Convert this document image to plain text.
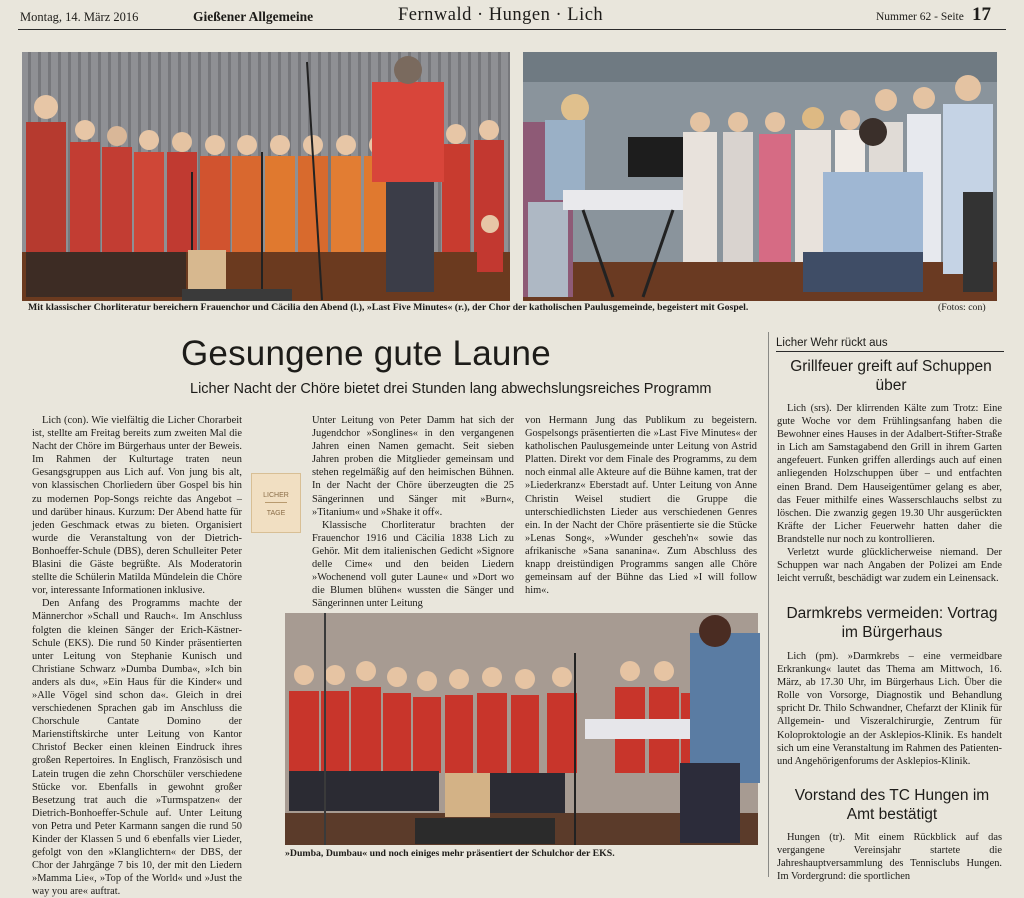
Montag, 14. März 2016	Gießener Allgemeine	Fernwald · Hungen · Lich	Nummer 62 - Seite 17
Mit klassischer Chorliteratur bereichern Frauenchor und Cäcilia den Abend (l.), »Last Five Minutes« (r.), der Chor der katholischen Paulusgemeinde, begeistert mit Gospel.	(Fotos: con)
Gesungene gute Laune
Licher Nacht der Chöre bietet drei Stunden lang abwechslungsreiches Programm

Lich (con). Wie vielfältig die Licher Chorarbeit ist, stellte am Freitag bereits zum zweiten Mal die Nacht der Chöre im Bürgerhaus unter der Beweis. Im Rahmen der Kulturtage traten neun Gesangsgruppen aus Lich auf. Von jung bis alt, von klassischen Chorliedern über Gospel bis hin zu modernen Pop-Songs reichte das Angebot – und darüber hinaus. Kurzum: Der Abend hatte für jeden Geschmack etwas zu bieten. Organisiert wurde die Veranstaltung von der Dietrich-Bonhoeffer-Schule (DBS), deren Schulleiter Peter Blasini die Gäste begrüßte. Als Moderatorin stellte die Schülerin Matilda Mündelein die Chöre vor, interessante Informationen inklusive.

Den Anfang des Programms machte der Männerchor »Schall und Rauch«. Im Anschluss folgten die kleinen Sänger der Erich-Kästner-Schule (EKS). Die rund 50 Kinder präsentierten unter Leitung von Stephanie Kunisch und Christiane Schwarz »Dumba Dumba«, »Ich bin anders als du«, »Ein Haus für die Kinder« und »Alle Vögel sind schon da«. Gleich in drei verschiedenen Sprachen gab im Anschluss die Chorschule Cantate Domino der Marienstiftskirche unter Leitung von Kantor Christof Becker einen kleinen Eindruck ihres großen Repertoires. In Englisch, Französisch und Latein trugen die zehn Chorschüler verschiedene Stücke vor. Ebenfalls in gewohnt großer Besetzung trat auch die »Turmspatzen« der Dietrich-Bonhoeffer-Schule auf. Unter Leitung von Petra und Peter Karmann sangen die rund 50 Kinder der Klassen 5 und 6 ebenfalls vier Lieder, gefolgt von den »Klanglichtern« der DBS, der Chor der Jahrgänge 7 bis 10, der mit den Liedern »Mamma Lie«, »Top of the World« und »Just the way you are« auftrat.

LICHER
TAGE

Unter Leitung von Peter Damm hat sich der Jugendchor »Songlines« in den vergangenen Jahren einen Namen gemacht. Seit sieben Jahren proben die Mitglieder gemeinsam und stehen regelmäßig auf den heimischen Bühnen. In der Nacht der Chöre überzeugten die 25 Sängerinnen und Sänger mit »Burn«, »Titanium« und »Shake it off«.

Klassische Chorliteratur brachten der Frauenchor 1916 und Cäcilia 1838 Lich zu Gehör. Mit dem italienischen Gedicht »Signore delle Cime« und den beiden Liedern »Wochenend voll guter Laune« und »Dort wo die Blumen blühen« wussten die Sänger und Sängerinnen unter Leitung

von Hermann Jung das Publikum zu begeistern. Gospelsongs präsentierten die »Last Five Minutes« der katholischen Paulusgemeinde unter Leitung von Astrid Platten. Direkt vor dem Finale des Programms, zu dem noch einmal alle Akteure auf die Bühne kamen, trat der »Liederkranz« Eberstadt auf. Unter Leitung von Anne Christin Weisel studiert die Gruppe die unterschiedlichsten Lieder aus verschiedenen Genres ein. In der Nacht der Chöre präsentierte sie die Stücke »Lenas Song«, »Wunder gescheh'n« sowie das afrikanische »Sana sananina«. Zum Abschluss des knapp dreistündigen Programms sangen alle Chöre gemeinsam auf der Bühne das Lied »I will follow him«.

»Dumba, Dumbau« und noch einiges mehr präsentiert der Schulchor der EKS.
Licher Wehr rückt aus
Grillfeuer greift auf Schuppen über

Lich (srs). Der klirrenden Kälte zum Trotz: Eine gute Woche vor dem Frühlingsanfang haben die Bewohner eines Hauses in der Adalbert-Stifter-Straße in Lich am Samstagabend den Grill in ihrem Garten angefeuert. Funken griffen allerdings auch auf einen anliegenden Holzschuppen über – und entfachten einen Brand. Dem Hauseigentümer gelang es aber, das Feuer mithilfe eines Wasserschlauchs selbst zu löschen. Die zwanzig gegen 19.30 Uhr ausgerückten Kräfte der Licher Feuerwehr hatten daher die Brandstelle nur noch zu kontrollieren.

Verletzt wurde glücklicherweise niemand. Der Schuppen war nach Angaben der Polizei am Ende leicht verrußt, beschädigt war zudem ein Leinensack.

Darmkrebs vermeiden: Vortrag im Bürgerhaus

Lich (pm). »Darmkrebs – eine vermeidbare Erkrankung« lautet das Thema am Mittwoch, 16. März, ab 17.30 Uhr, im Bürgerhaus Lich. Über die Rolle von Vorsorge, Diagnostik und Behandlung spricht Dr. Thilo Schwandner, Chefarzt der Klinik für Allgemein- und Viszeralchirurgie, Zentrum für Koloproktologie an der Asklepios-Klinik. Es handelt sich um eine Veranstaltung im Rahmen des Patienten- und Angehörigenforums der Asklepios-Klinik.

Vorstand des TC Hungen im Amt bestätigt

Hungen (tr). Mit einem Rückblick auf das vergangene Vereinsjahr startete die Jahreshauptversammlung des Tennisclubs Hungen. Im Vordergrund: die sportlichen
